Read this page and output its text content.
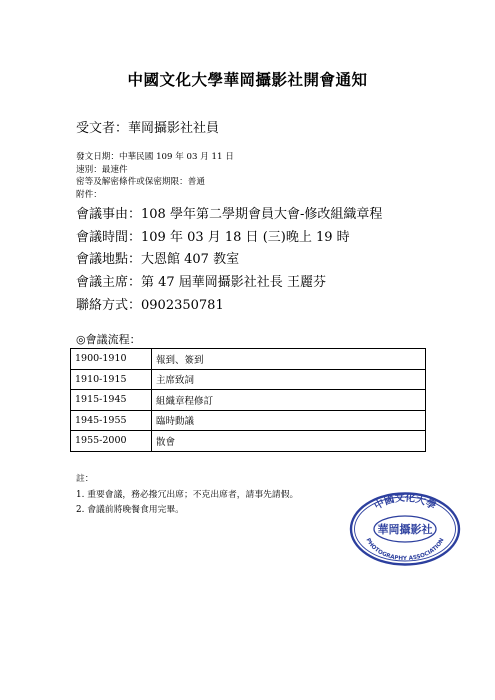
中國文化大學華岡攝影社開會通知
受文者：華岡攝影社社員
發文日期：中華民國 109 年 03 月 11 日
速別：最速件
密等及解密條件或保密期限：普通
附件：
會議事由：108 學年第二學期會員大會-修改組織章程
會議時間：109 年 03 月 18 日 (三)晚上 19 時
會議地點：大恩館 407 教室
會議主席：第 47 屆華岡攝影社社長 王麗芬
聯絡方式：0902350781
◎會議流程：
1900-1910	報到、簽到
1910-1915	主席致詞
1915-1945	組織章程修訂
1945-1955	臨時動議
1955-2000	散會
註：
1. 重要會議，務必撥冗出席；不克出席者，請事先請假。
2. 會議前將晚餐食用完畢。	中國文化大學
華岡攝影社
PHOTOGRAPHY ASSOCIATION
